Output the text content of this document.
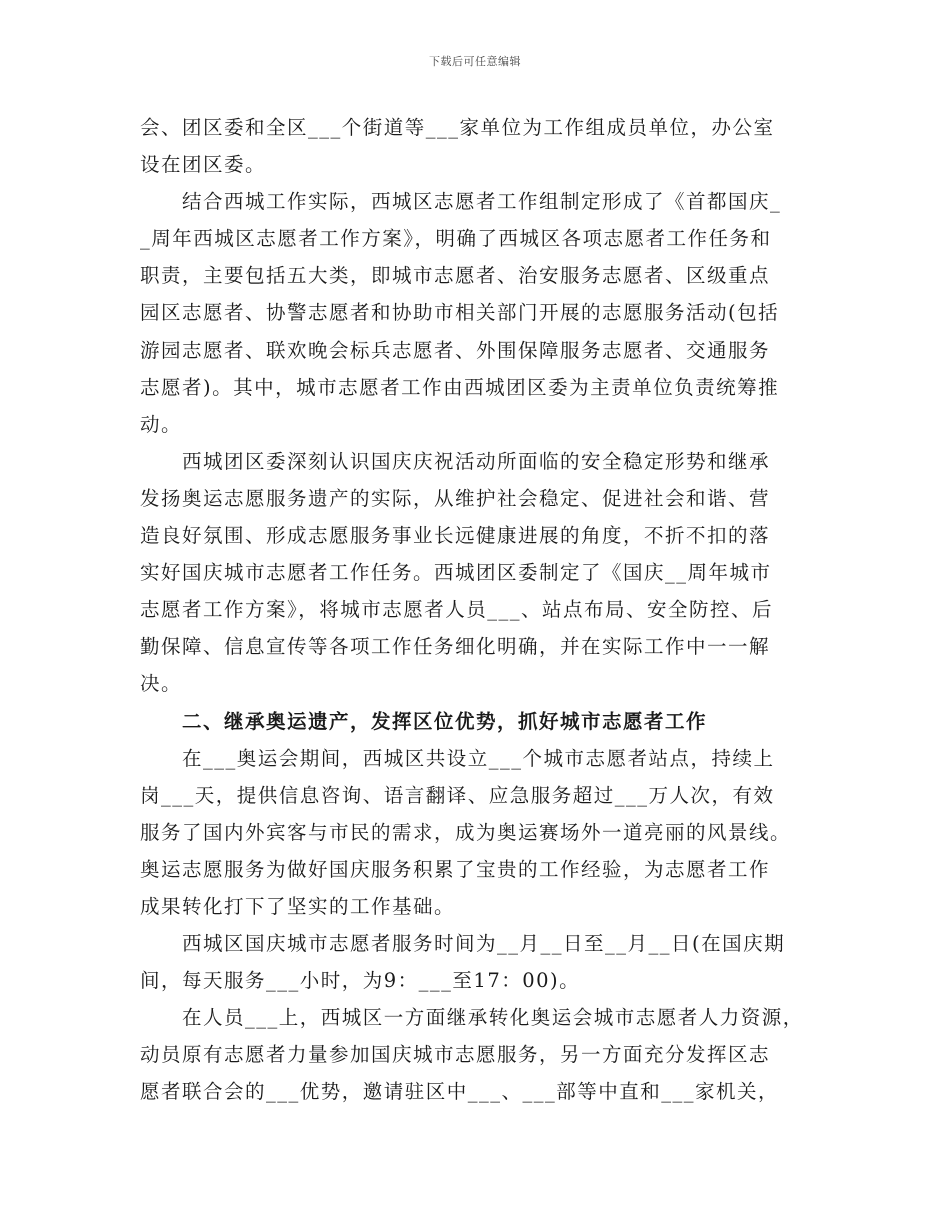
下载后可任意编辑
会、团区委和全区___个街道等___家单位为工作组成员单位，办公室
设在团区委。
　　结合西城工作实际，西城区志愿者工作组制定形成了《首都国庆_
_周年西城区志愿者工作方案》，明确了西城区各项志愿者工作任务和
职责，主要包括五大类，即城市志愿者、治安服务志愿者、区级重点
园区志愿者、协警志愿者和协助市相关部门开展的志愿服务活动(包括
游园志愿者、联欢晚会标兵志愿者、外围保障服务志愿者、交通服务
志愿者)。其中，城市志愿者工作由西城团区委为主责单位负责统筹推
动。
　　西城团区委深刻认识国庆庆祝活动所面临的安全稳定形势和继承
发扬奥运志愿服务遗产的实际，从维护社会稳定、促进社会和谐、营
造良好氛围、形成志愿服务事业长远健康进展的角度，不折不扣的落
实好国庆城市志愿者工作任务。西城团区委制定了《国庆__周年城市
志愿者工作方案》，将城市志愿者人员___、站点布局、安全防控、后
勤保障、信息宣传等各项工作任务细化明确，并在实际工作中一一解
决。
　　二、继承奥运遗产，发挥区位优势，抓好城市志愿者工作
　　在___奥运会期间，西城区共设立___个城市志愿者站点，持续上
岗___天，提供信息咨询、语言翻译、应急服务超过___万人次，有效
服务了国内外宾客与市民的需求，成为奥运赛场外一道亮丽的风景线。
奥运志愿服务为做好国庆服务积累了宝贵的工作经验，为志愿者工作
成果转化打下了坚实的工作基础。
　　西城区国庆城市志愿者服务时间为__月__日至__月__日(在国庆期
间，每天服务___小时，为9：___至17：00)。
　　在人员___上，西城区一方面继承转化奥运会城市志愿者人力资源，
动员原有志愿者力量参加国庆城市志愿服务，另一方面充分发挥区志
愿者联合会的___优势，邀请驻区中___、___部等中直和___家机关，
